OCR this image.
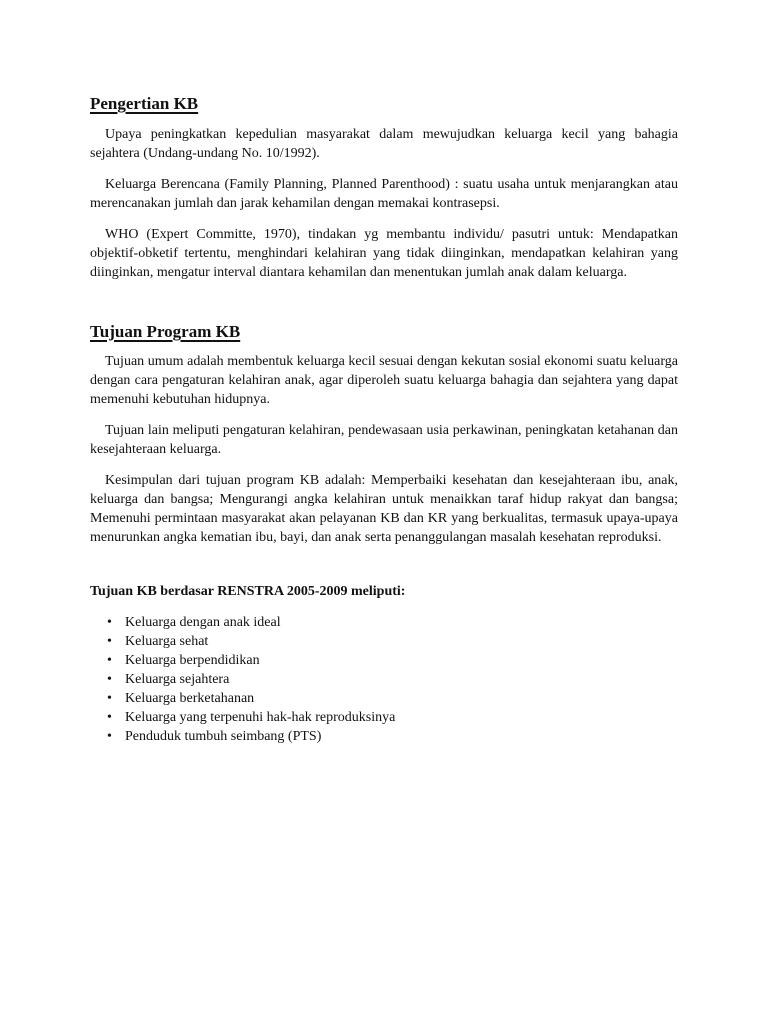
Pengertian KB

Upaya peningkatkan kepedulian masyarakat dalam mewujudkan keluarga kecil yang bahagia sejahtera (Undang-undang No. 10/1992).

Keluarga Berencana (Family Planning, Planned Parenthood) : suatu usaha untuk menjarangkan atau merencanakan jumlah dan jarak kehamilan dengan memakai kontrasepsi.

WHO (Expert Committe, 1970), tindakan yg membantu individu/ pasutri untuk: Mendapatkan objektif-obketif tertentu, menghindari kelahiran yang tidak diinginkan, mendapatkan kelahiran yang diinginkan, mengatur interval diantara kehamilan dan menentukan jumlah anak dalam keluarga.

Tujuan Program KB

Tujuan umum adalah membentuk keluarga kecil sesuai dengan kekutan sosial ekonomi suatu keluarga dengan cara pengaturan kelahiran anak, agar diperoleh suatu keluarga bahagia dan sejahtera yang dapat memenuhi kebutuhan hidupnya.

Tujuan lain meliputi pengaturan kelahiran, pendewasaan usia perkawinan, peningkatan ketahanan dan kesejahteraan keluarga.

Kesimpulan dari tujuan program KB adalah: Memperbaiki kesehatan dan kesejahteraan ibu, anak, keluarga dan bangsa; Mengurangi angka kelahiran untuk menaikkan taraf hidup rakyat dan bangsa; Memenuhi permintaan masyarakat akan pelayanan KB dan KR yang berkualitas, termasuk upaya-upaya menurunkan angka kematian ibu, bayi, dan anak serta penanggulangan masalah kesehatan reproduksi.

Tujuan KB berdasar RENSTRA 2005-2009 meliputi:

• Keluarga dengan anak ideal
• Keluarga sehat
• Keluarga berpendidikan
• Keluarga sejahtera
• Keluarga berketahanan
• Keluarga yang terpenuhi hak-hak reproduksinya
• Penduduk tumbuh seimbang (PTS)
